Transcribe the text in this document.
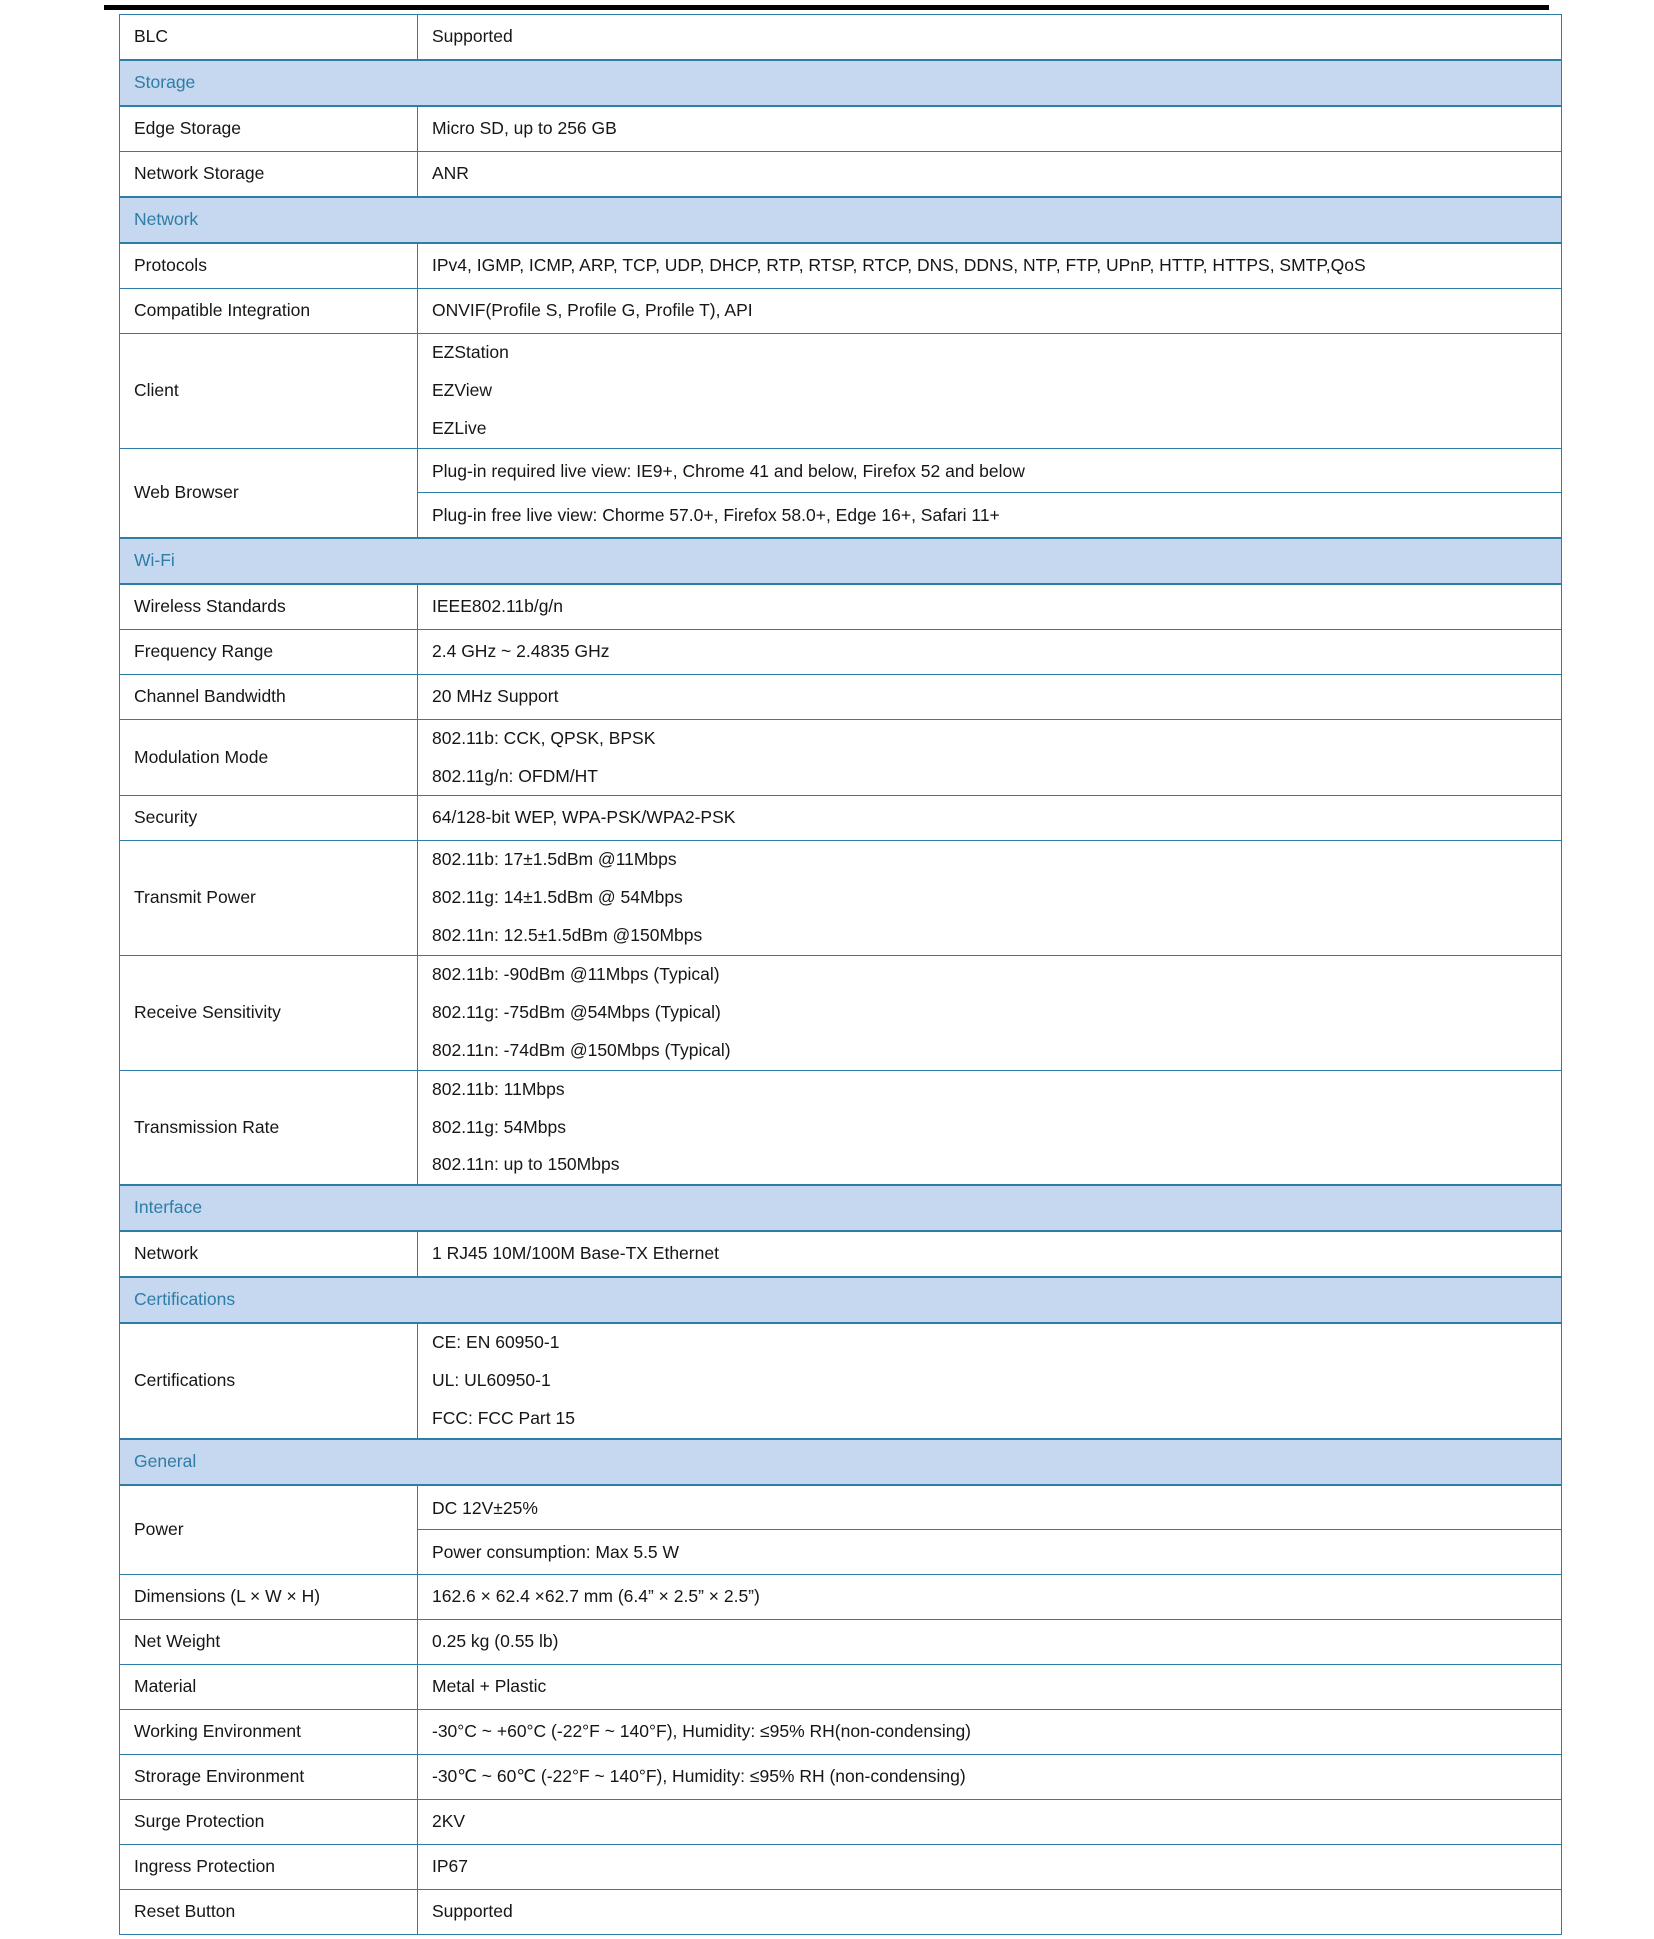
BLC	Supported
Storage	
Edge Storage	Micro SD, up to 256 GB
Network Storage	ANR
Network	
Protocols	IPv4, IGMP, ICMP, ARP, TCP, UDP, DHCP, RTP, RTSP, RTCP, DNS, DDNS, NTP, FTP, UPnP, HTTP, HTTPS, SMTP,QoS
Compatible Integration	ONVIF(Profile S, Profile G, Profile T), API
Client	EZStation
EZView
EZLive

Web Browser	Plug-in required live view: IE9+, Chrome 41 and below, Firefox 52 and below
Plug-in free live view: Chorme 57.0+, Firefox 58.0+, Edge 16+, Safari 11+

Wi-Fi	
Wireless Standards	IEEE802.11b/g/n
Frequency Range	2.4 GHz ~ 2.4835 GHz
Channel Bandwidth	20 MHz Support
Modulation Mode	802.11b: CCK, QPSK, BPSK
802.11g/n: OFDM/HT

Security	64/128-bit WEP, WPA-PSK/WPA2-PSK
Transmit Power	802.11b: 17±1.5dBm @11Mbps
802.11g: 14±1.5dBm @ 54Mbps
802.11n: 12.5±1.5dBm @150Mbps

Receive Sensitivity	802.11b: -90dBm @11Mbps (Typical)
802.11g: -75dBm @54Mbps (Typical)
802.11n: -74dBm @150Mbps (Typical)

Transmission Rate	802.11b: 11Mbps
802.11g: 54Mbps
802.11n: up to 150Mbps

Interface	
Network	1 RJ45 10M/100M Base-TX Ethernet
Certifications	
Certifications	CE: EN 60950-1
UL: UL60950-1
FCC: FCC Part 15

General	
Power	DC 12V±25%
Power consumption: Max 5.5 W

Dimensions (L × W × H)	162.6 × 62.4 ×62.7 mm (6.4” × 2.5” × 2.5”)
Net Weight	0.25 kg (0.55 lb)
Material	Metal + Plastic
Working Environment	-30°C ~ +60°C (-22°F ~ 140°F), Humidity: ≤95% RH(non-condensing)
Strorage Environment	-30℃ ~ 60℃ (-22°F ~ 140°F), Humidity: ≤95% RH (non-condensing)
Surge Protection	2KV
Ingress Protection	IP67
Reset Button	Supported
